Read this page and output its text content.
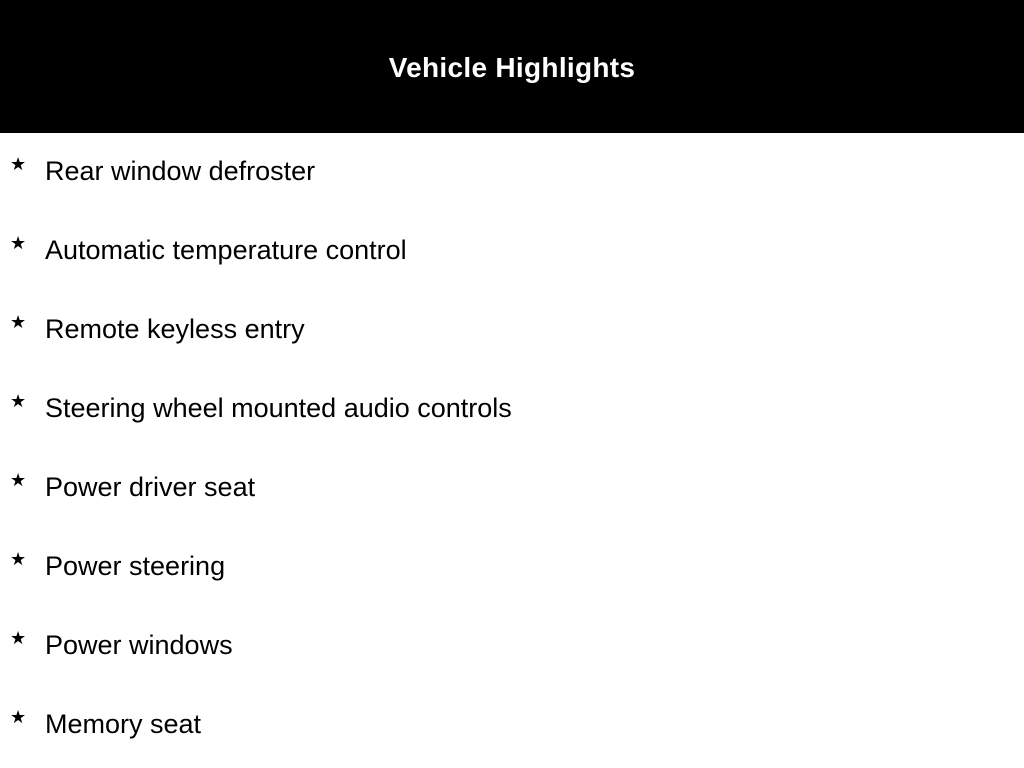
Vehicle Highlights
★ Rear window defroster
★ Automatic temperature control
★ Remote keyless entry
★ Steering wheel mounted audio controls
★ Power driver seat
★ Power steering
★ Power windows
★ Memory seat
